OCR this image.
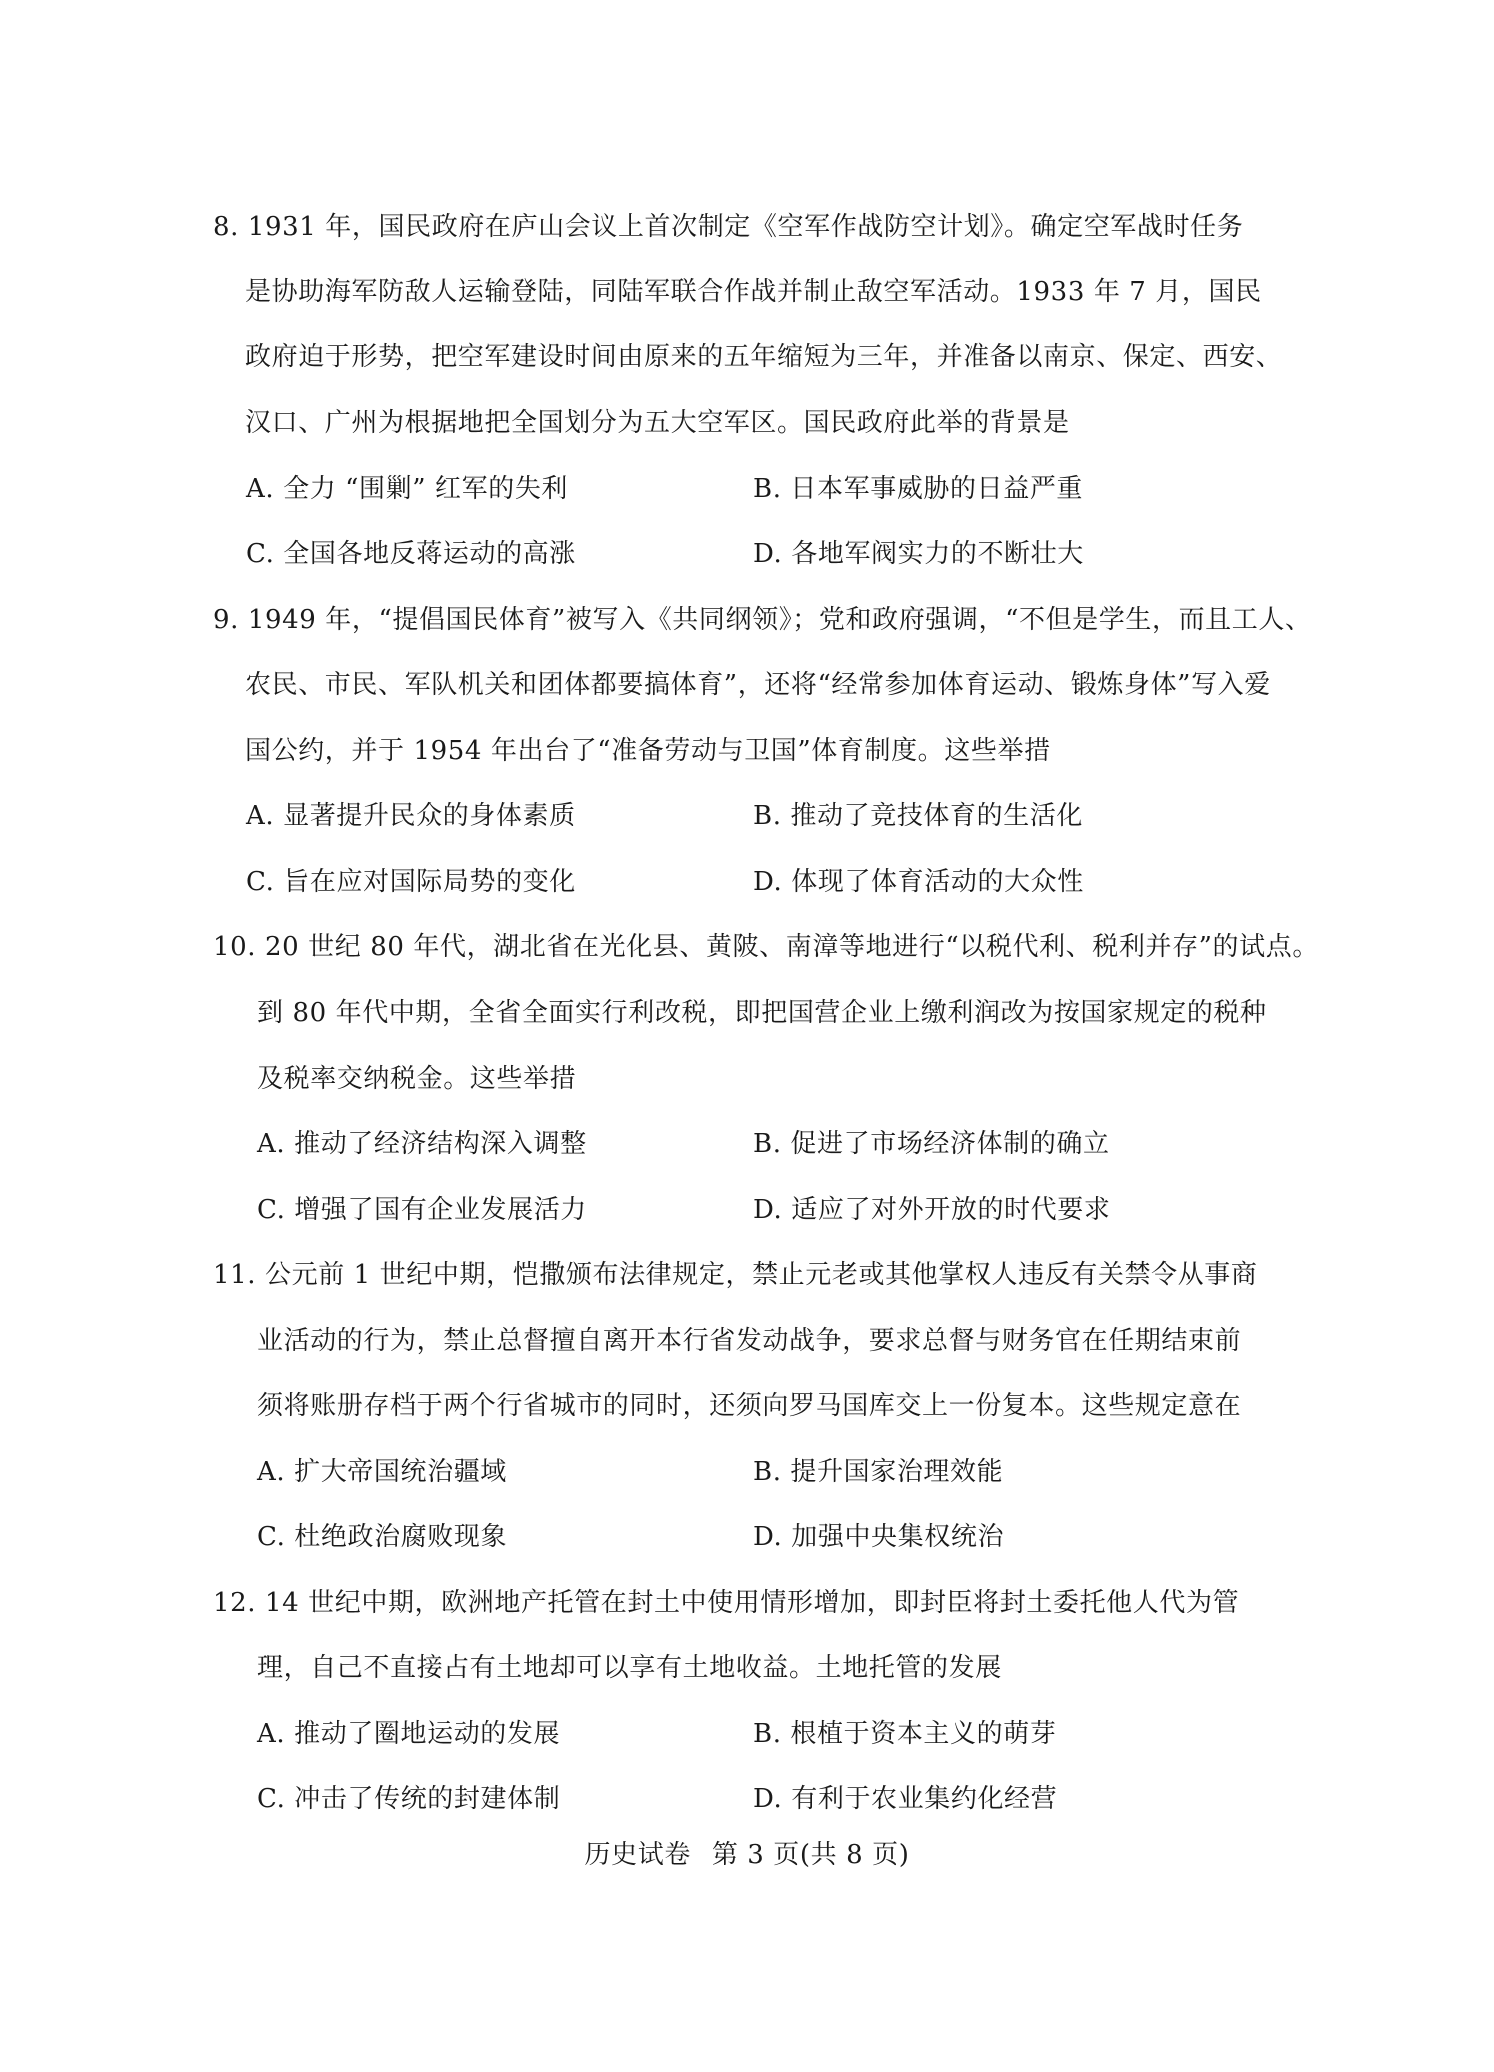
8. 1931 年，国民政府在庐山会议上首次制定《空军作战防空计划》。确定空军战时任务
是协助海军防敌人运输登陆，同陆军联合作战并制止敌空军活动。1933 年 7 月，国民
政府迫于形势，把空军建设时间由原来的五年缩短为三年，并准备以南京、保定、西安、
汉口、广州为根据地把全国划分为五大空军区。国民政府此举的背景是
A. 全力 “围剿” 红军的失利	B. 日本军事威胁的日益严重
C. 全国各地反蒋运动的高涨	D. 各地军阀实力的不断壮大
9. 1949 年，“提倡国民体育”被写入《共同纲领》；党和政府强调，“不但是学生，而且工人、
农民、市民、军队机关和团体都要搞体育”，还将“经常参加体育运动、锻炼身体”写入爱
国公约，并于 1954 年出台了“准备劳动与卫国”体育制度。这些举措
A. 显著提升民众的身体素质	B. 推动了竞技体育的生活化
C. 旨在应对国际局势的变化	D. 体现了体育活动的大众性
10. 20 世纪 80 年代，湖北省在光化县、黄陂、南漳等地进行“以税代利、税利并存”的试点。
到 80 年代中期，全省全面实行利改税，即把国营企业上缴利润改为按国家规定的税种
及税率交纳税金。这些举措
A. 推动了经济结构深入调整	B. 促进了市场经济体制的确立
C. 增强了国有企业发展活力	D. 适应了对外开放的时代要求
11. 公元前 1 世纪中期，恺撒颁布法律规定，禁止元老或其他掌权人违反有关禁令从事商
业活动的行为，禁止总督擅自离开本行省发动战争，要求总督与财务官在任期结束前
须将账册存档于两个行省城市的同时，还须向罗马国库交上一份复本。这些规定意在
A. 扩大帝国统治疆域	B. 提升国家治理效能
C. 杜绝政治腐败现象	D. 加强中央集权统治
12. 14 世纪中期，欧洲地产托管在封土中使用情形增加，即封臣将封土委托他人代为管
理，自己不直接占有土地却可以享有土地收益。土地托管的发展
A. 推动了圈地运动的发展	B. 根植于资本主义的萌芽
C. 冲击了传统的封建体制	D. 有利于农业集约化经营
历史试卷 第 3 页(共 8 页)
